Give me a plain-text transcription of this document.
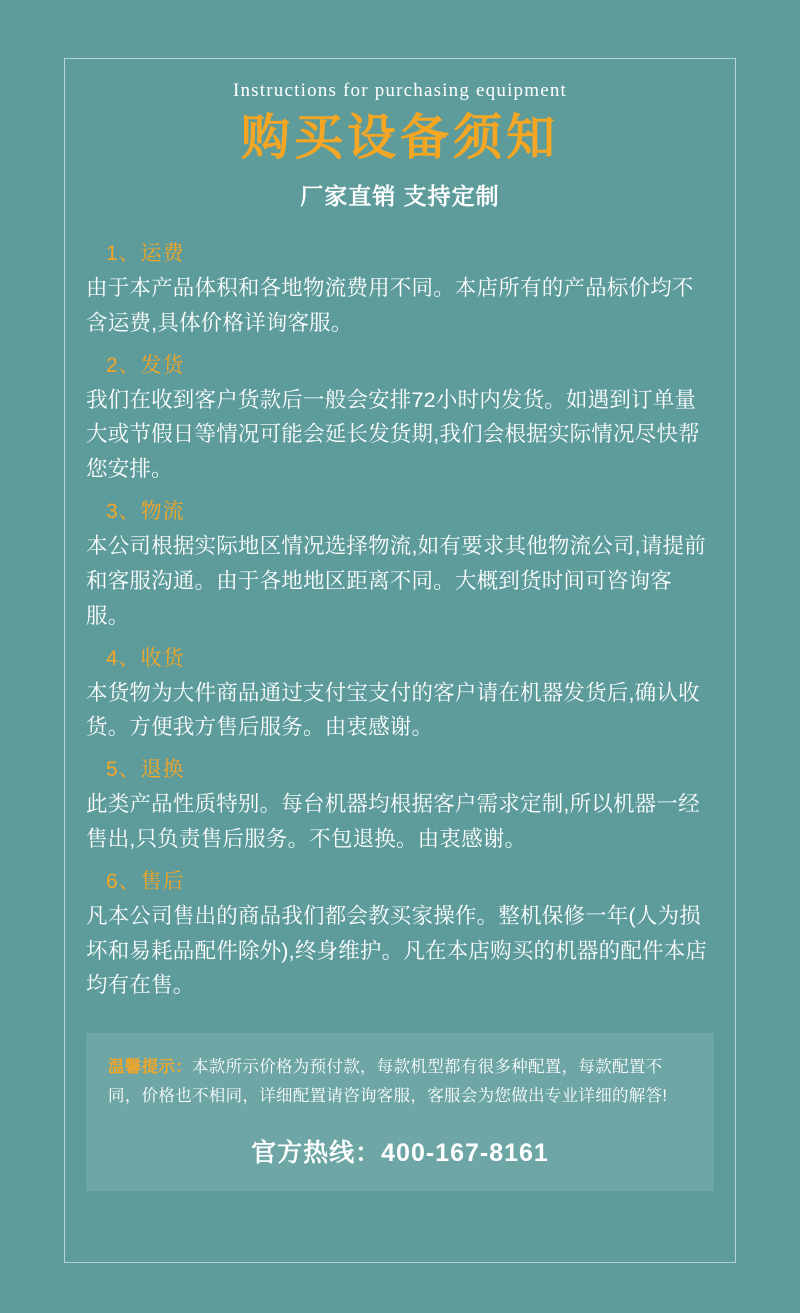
Instructions for purchasing equipment
购买设备须知
厂家直销 支持定制
1、运费

由于本产品体积和各地物流费用不同。本店所有的产品标价均不含运费,具体价格详询客服。

2、发货

我们在收到客户货款后一般会安排72小时内发货。如遇到订单量大或节假日等情况可能会延长发货期,我们会根据实际情况尽快帮您安排。

3、物流

本公司根据实际地区情况选择物流,如有要求其他物流公司,请提前和客服沟通。由于各地地区距离不同。大概到货时间可咨询客服。

4、收货

本货物为大件商品通过支付宝支付的客户请在机器发货后,确认收货。方便我方售后服务。由衷感谢。

5、退换

此类产品性质特别。每台机器均根据客户需求定制,所以机器一经售出,只负责售后服务。不包退换。由衷感谢。

6、售后

凡本公司售出的商品我们都会教买家操作。整机保修一年(人为损坏和易耗品配件除外),终身维护。凡在本店购买的机器的配件本店均有在售。

温馨提示：本款所示价格为预付款，每款机型都有很多种配置，每款配置不同，价格也不相同，详细配置请咨询客服，客服会为您做出专业详细的解答!
官方热线：400-167-8161
